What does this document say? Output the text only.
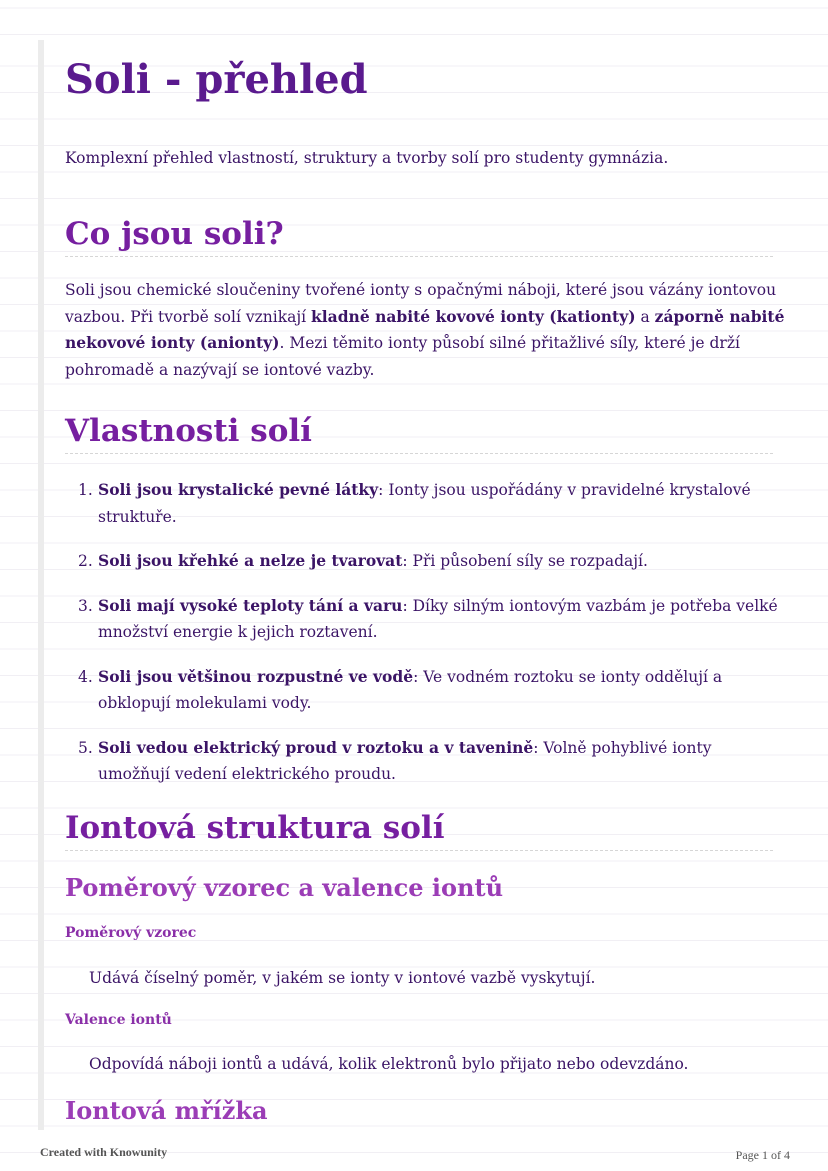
Soli - přehled

Komplexní přehled vlastností, struktury a tvorby solí pro studenty gymnázia.

Co jsou soli?

Soli jsou chemické sloučeniny tvořené ionty s opačnými náboji, které jsou vázány iontovou vazbou. Při tvorbě solí vznikají kladně nabité kovové ionty (kationty) a záporně nabité nekovové ionty (anionty). Mezi těmito ionty působí silné přitažlivé síly, které je drží pohromadě a nazývají se iontové vazby.

Vlastnosti solí
1. Soli jsou krystalické pevné látky: Ionty jsou uspořádány v pravidelné krystalové struktuře.
2. Soli jsou křehké a nelze je tvarovat: Při působení síly se rozpadají.
3. Soli mají vysoké teploty tání a varu: Díky silným iontovým vazbám je potřeba velké množství energie k jejich roztavení.
4. Soli jsou většinou rozpustné ve vodě: Ve vodném roztoku se ionty oddělují a obklopují molekulami vody.
5. Soli vedou elektrický proud v roztoku a v tavenině: Volně pohyblivé ionty umožňují vedení elektrického proudu.
Iontová struktura solí
Poměrový vzorec a valence iontů
Poměrový vzorec

Udává číselný poměr, v jakém se ionty v iontové vazbě vyskytují.

Valence iontů

Odpovídá náboji iontů a udává, kolik elektronů bylo přijato nebo odevzdáno.

Iontová mřížka
Created with Knowunity	Page 1 of 4
